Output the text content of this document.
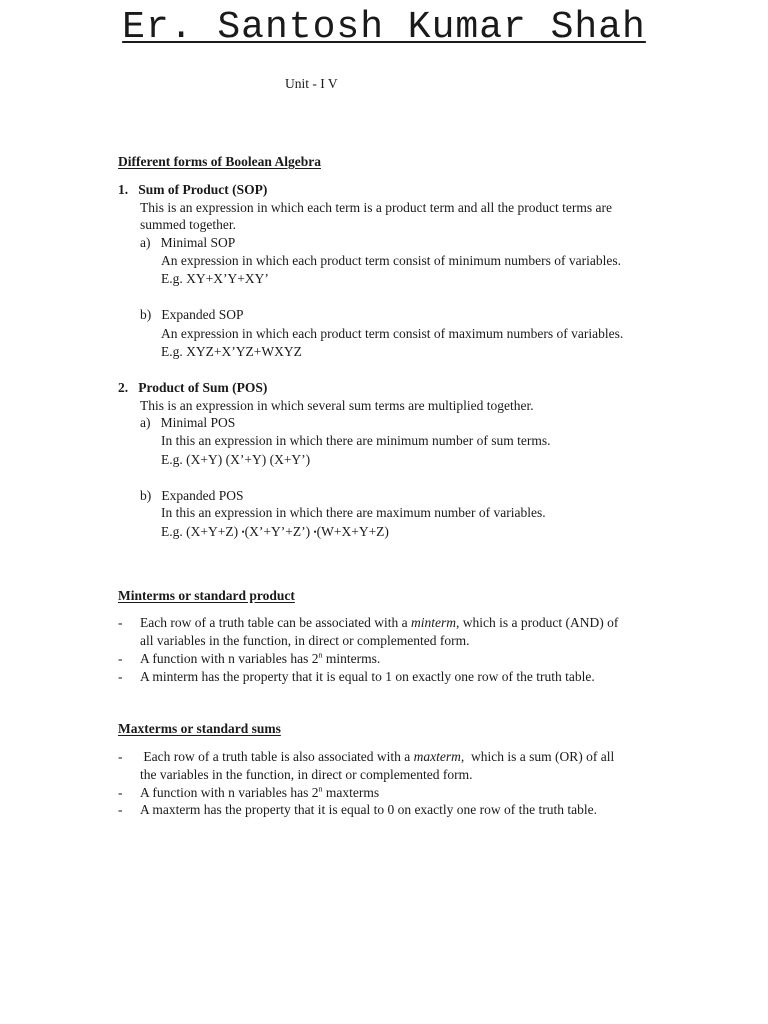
Er. Santosh Kumar Shah
Unit - I V
Different forms of Boolean Algebra
1.   Sum of Product (SOP)
This is an expression in which each term is a product term and all the product terms are
summed together.
a)   Minimal SOP
An expression in which each product term consist of minimum numbers of variables.
E.g. XY+X’Y+XY’
b)   Expanded SOP
An expression in which each product term consist of maximum numbers of variables.
E.g. XYZ+X’YZ+WXYZ
2.   Product of Sum (POS)
This is an expression in which several sum terms are multiplied together.
a)   Minimal POS
In this an expression in which there are minimum number of sum terms.
E.g. (X+Y) (X’+Y) (X+Y’)
b)   Expanded POS
In this an expression in which there are maximum number of variables.
E.g. (X+Y+Z) •(X’+Y’+Z’) •(W+X+Y+Z)
Minterms or standard product
- Each row of a truth table can be associated with a minterm, which is a product (AND) of
all variables in the function, in direct or complemented form.
- A function with n variables has 2$^n$ minterms.
- A minterm has the property that it is equal to 1 on exactly one row of the truth table.
Maxterms or standard sums
- Each row of a truth table is also associated with a maxterm,  which is a sum (OR) of all
the variables in the function, in direct or complemented form.
- A function with n variables has 2$^n$ maxterms
- A maxterm has the property that it is equal to 0 on exactly one row of the truth table.
